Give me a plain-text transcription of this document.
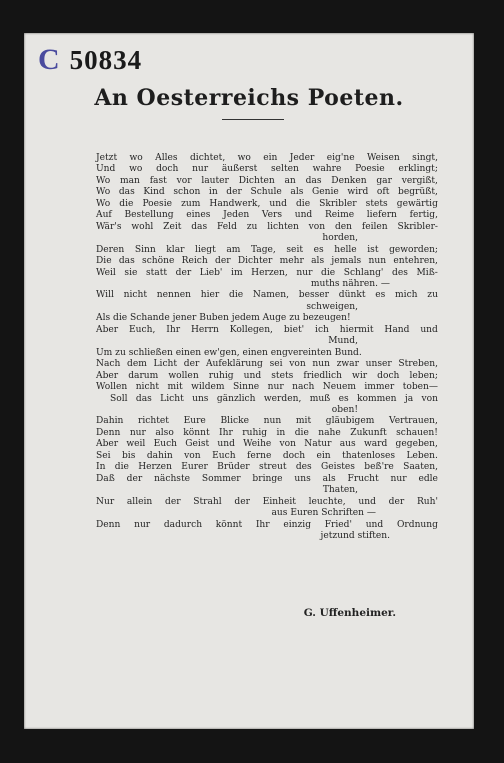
C 50834
An Oesterreichs Poeten.
Jetzt wo Alles dichtet, wo ein Jeder eig'ne Weisen singt,
Und wo doch nur äußerst selten wahre Poesie erklingt;
Wo man fast vor lauter Dichten an das Denken gar vergißt,
Wo das Kind schon in der Schule als Genie wird oft begrüßt,
Wo die Poesie zum Handwerk, und die Skribler stets gewärtig
Auf Bestellung eines Jeden Vers und Reime liefern fertig,
Wär's wohl Zeit das Feld zu lichten von den feilen Skribler-
horden,
Deren Sinn klar liegt am Tage, seit es helle ist geworden;
Die das schöne Reich der Dichter mehr als jemals nun entehren,
Weil sie statt der Lieb' im Herzen, nur die Schlang' des Miß-
muths nähren. —
Will nicht nennen hier die Namen, besser dünkt es mich zu
schweigen,
Als die Schande jener Buben jedem Auge zu bezeugen!
Aber Euch, Ihr Herrn Kollegen, biet' ich hiermit Hand und
Mund,
Um zu schließen einen ew'gen, einen engvereinten Bund.
Nach dem Licht der Aufeklärung sei von nun zwar unser Streben,
Aber darum wollen ruhig und stets friedlich wir doch leben;
Wollen nicht mit wildem Sinne nur nach Neuem immer toben—
Soll das Licht uns gänzlich werden, muß es kommen ja von
oben!
Dahin richtet Eure Blicke nun mit gläubigem Vertrauen,
Denn nur also könnt Ihr ruhig in die nahe Zukunft schauen!
Aber weil Euch Geist und Weihe von Natur aus ward gegeben,
Sei bis dahin von Euch ferne doch ein thatenloses Leben.
In die Herzen Eurer Brüder streut des Geistes beß're Saaten,
Daß der nächste Sommer bringe uns als Frucht nur edle
Thaten,
Nur allein der Strahl der Einheit leuchte, und der Ruh'
aus Euren Schriften —
Denn nur dadurch könnt Ihr einzig Fried' und Ordnung
jetzund stiften.
G. Uffenheimer.
